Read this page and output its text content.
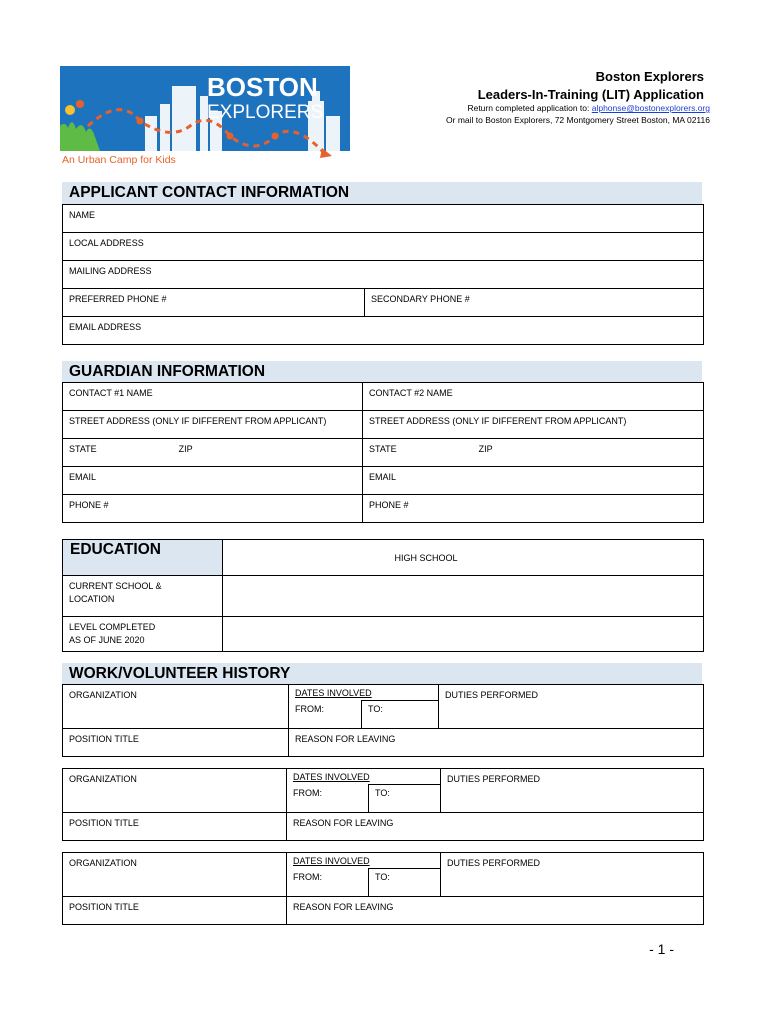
BOSTON
EXPLORERS
An Urban Camp for Kids
Boston Explorers
Leaders-In-Training (LIT) Application
Return completed application to: alphonse@bostonexplorers.org
Or mail to Boston Explorers, 72 Montgomery Street Boston, MA 02116
APPLICANT CONTACT INFORMATION
NAME
LOCAL ADDRESS
MAILING ADDRESS
PREFERRED PHONE #	SECONDARY PHONE #
EMAIL ADDRESS
GUARDIAN INFORMATION
CONTACT #1 NAME	CONTACT #2 NAME
STREET ADDRESS (ONLY IF DIFFERENT FROM APPLICANT)	STREET ADDRESS (ONLY IF DIFFERENT FROM APPLICANT)
STATE ZIP	STATE ZIP
EMAIL	EMAIL
PHONE #	PHONE #
EDUCATION	HIGH SCHOOL

CURRENT SCHOOL &
LOCATION	

LEVEL COMPLETED
AS OF JUNE 2020	

WORK/VOLUNTEER HISTORY
ORGANIZATION	DATES INVOLVED		DUTIES PERFORMED
	FROM:	TO:	
POSITION TITLE	REASON FOR LEAVING		
ORGANIZATION	DATES INVOLVED		DUTIES PERFORMED
	FROM:	TO:	
POSITION TITLE	REASON FOR LEAVING		
ORGANIZATION	DATES INVOLVED		DUTIES PERFORMED
	FROM:	TO:	
POSITION TITLE	REASON FOR LEAVING		
- 1 -
